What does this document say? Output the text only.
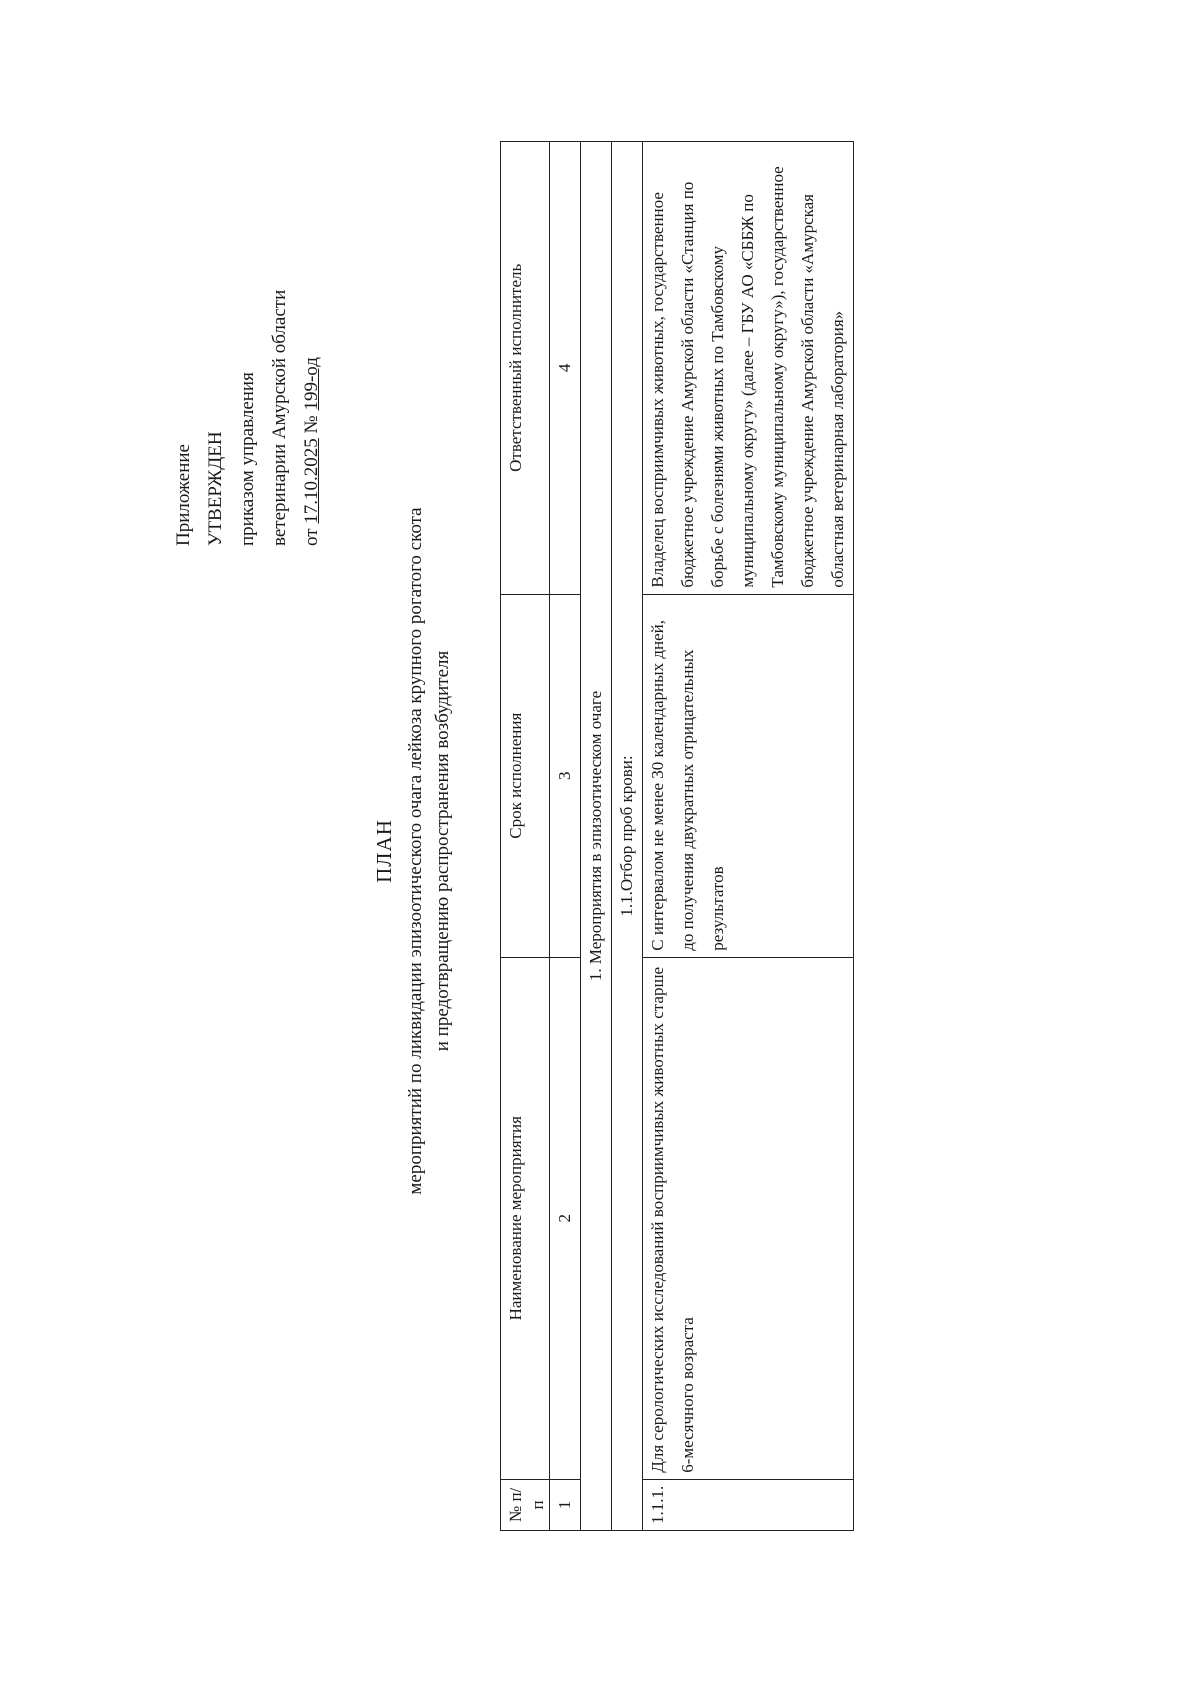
Приложение УТВЕРЖДЕН приказом управления ветеринарии Амурской области от 17.10.2025 № 199-од
ПЛАН мероприятий по ликвидации эпизоотического очага лейкоза крупного рогатого скота и предотвращению распространения возбудителя
№ п/п	Наименование мероприятия	Срок исполнения	Ответственный исполнитель
1	2	3	4
1. Мероприятия в эпизоотическом очаге			
1.1.Отбор проб крови:			
1.1.1.	Для серологических исследований восприимчивых животных старше 6-месячного возраста	С интервалом не менее 30 календарных дней, до получения двукратных отрицательных результатов	Владелец восприимчивых животных, государственное бюджетное учреждение Амурской области «Станция по борьбе с болезнями животных по Тамбовскому муниципальному округу» (далее – ГБУ АО «СББЖ по Тамбовскому муниципальному округу»), государственное бюджетное учреждение Амурской области «Амурская областная ветеринарная лаборатория»
